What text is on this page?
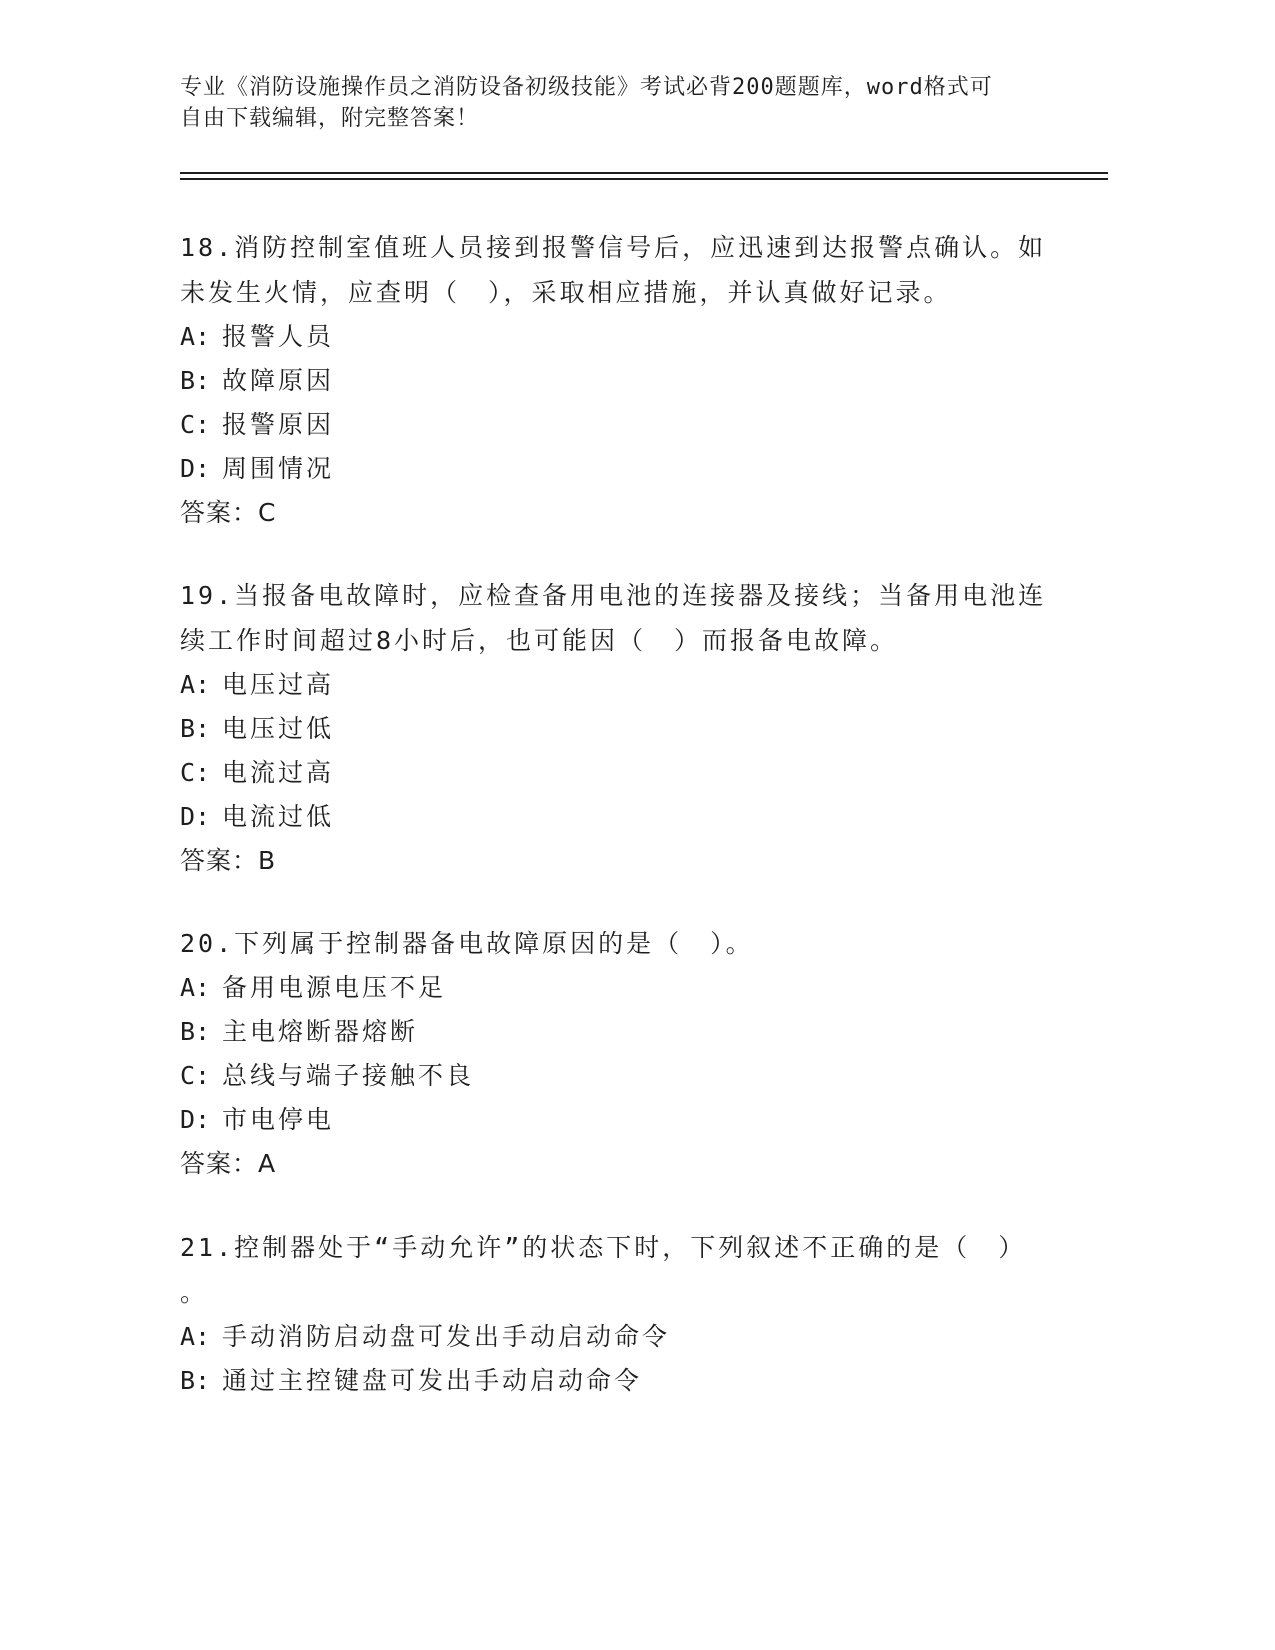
专业《消防设施操作员之消防设备初级技能》考试必背200题题库，word格式可
自由下载编辑，附完整答案！

18.消防控制室值班人员接到报警信号后，应迅速到达报警点确认。如

未发生火情，应查明（　），采取相应措施，并认真做好记录。

A: 报警人员

B: 故障原因

C: 报警原因

D: 周围情况

答案：C

19.当报备电故障时，应检查备用电池的连接器及接线；当备用电池连

续工作时间超过8小时后，也可能因（　）而报备电故障。

A: 电压过高

B: 电压过低

C: 电流过高

D: 电流过低

答案：B

20.下列属于控制器备电故障原因的是（　）。

A: 备用电源电压不足

B: 主电熔断器熔断

C: 总线与端子接触不良

D: 市电停电

答案：A

21.控制器处于“手动允许”的状态下时，下列叙述不正确的是（　）

。

A: 手动消防启动盘可发出手动启动命令

B: 通过主控键盘可发出手动启动命令
